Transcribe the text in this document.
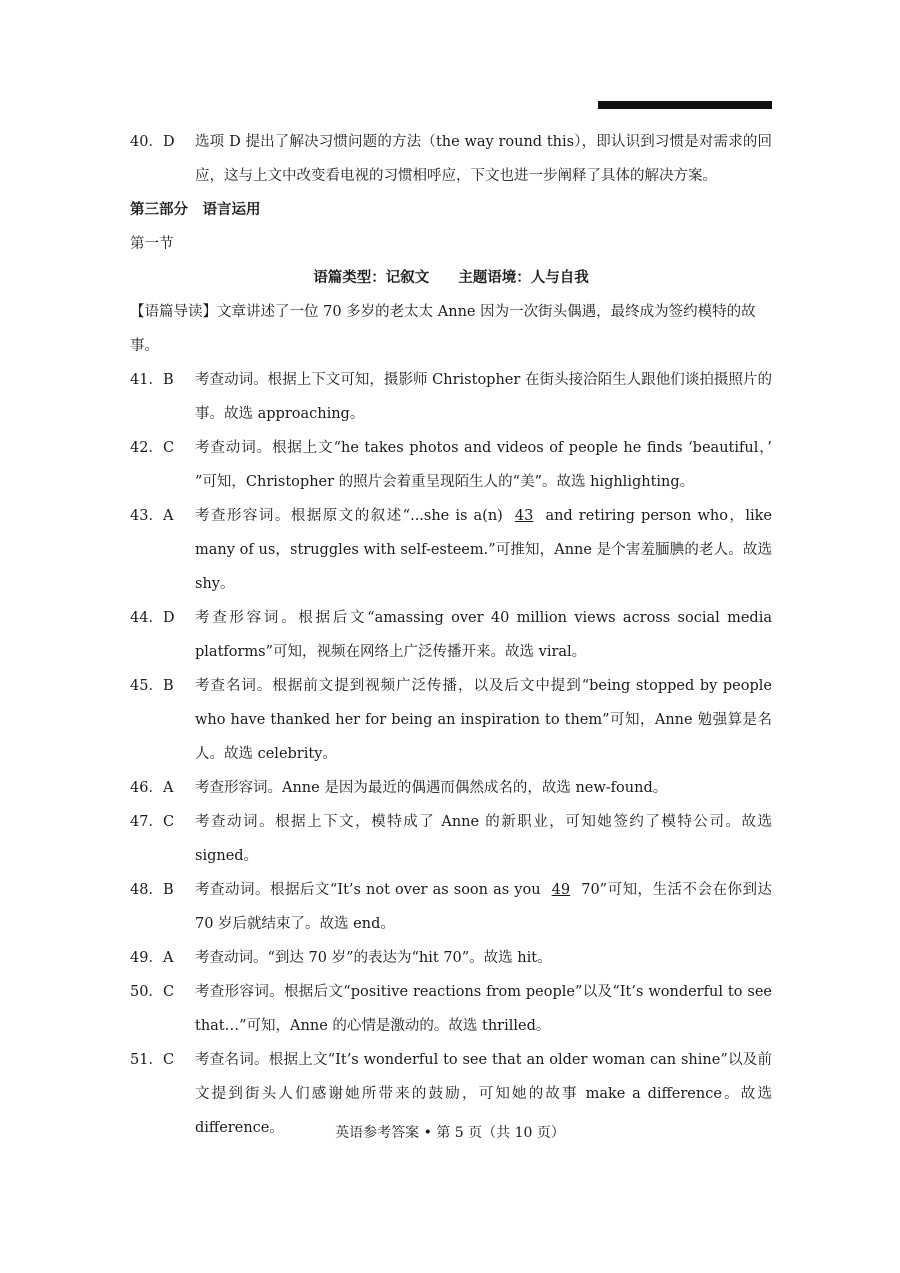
40．D	选项 D 提出了解决习惯问题的方法（the way round this），即认识到习惯是对需求的回应，这与上文中改变看电视的习惯相呼应，下文也进一步阐释了具体的解决方案。
第三部分　语言运用
第一节
语篇类型：记叙文　　主题语境：人与自我
【语篇导读】文章讲述了一位 70 多岁的老太太 Anne 因为一次街头偶遇，最终成为签约模特的故事。
41．B	考查动词。根据上下文可知，摄影师 Christopher 在街头接洽陌生人跟他们谈拍摄照片的事。故选 approaching。
42．C	考查动词。根据上文“he takes photos and videos of people he finds ‘beautiful，’ ”可知，Christopher 的照片会着重呈现陌生人的“美”。故选 highlighting。
43．A	考查形容词。根据原文的叙述“...she is a(n) 43 and retiring person who，like many of us，struggles with self-esteem.”可推知，Anne 是个害羞腼腆的老人。故选 shy。
44．D	考查形容词。根据后文“amassing over 40 million views across social media platforms”可知，视频在网络上广泛传播开来。故选 viral。
45．B	考查名词。根据前文提到视频广泛传播，以及后文中提到“being stopped by people who have thanked her for being an inspiration to them”可知，Anne 勉强算是名人。故选 celebrity。
46．A	考查形容词。Anne 是因为最近的偶遇而偶然成名的，故选 new-found。
47．C	考查动词。根据上下文，模特成了 Anne 的新职业，可知她签约了模特公司。故选 signed。
48．B	考查动词。根据后文“It’s not over as soon as you 49 70”可知，生活不会在你到达 70 岁后就结束了。故选 end。
49．A	考查动词。“到达 70 岁”的表达为“hit 70”。故选 hit。
50．C	考查形容词。根据后文“positive reactions from people”以及“It’s wonderful to see that…”可知，Anne 的心情是激动的。故选 thrilled。
51．C	考查名词。根据上文“It’s wonderful to see that an older woman can shine”以及前文提到街头人们感谢她所带来的鼓励，可知她的故事 make a difference。故选 difference。	英语参考答案 • 第 5 页（共 10 页）
